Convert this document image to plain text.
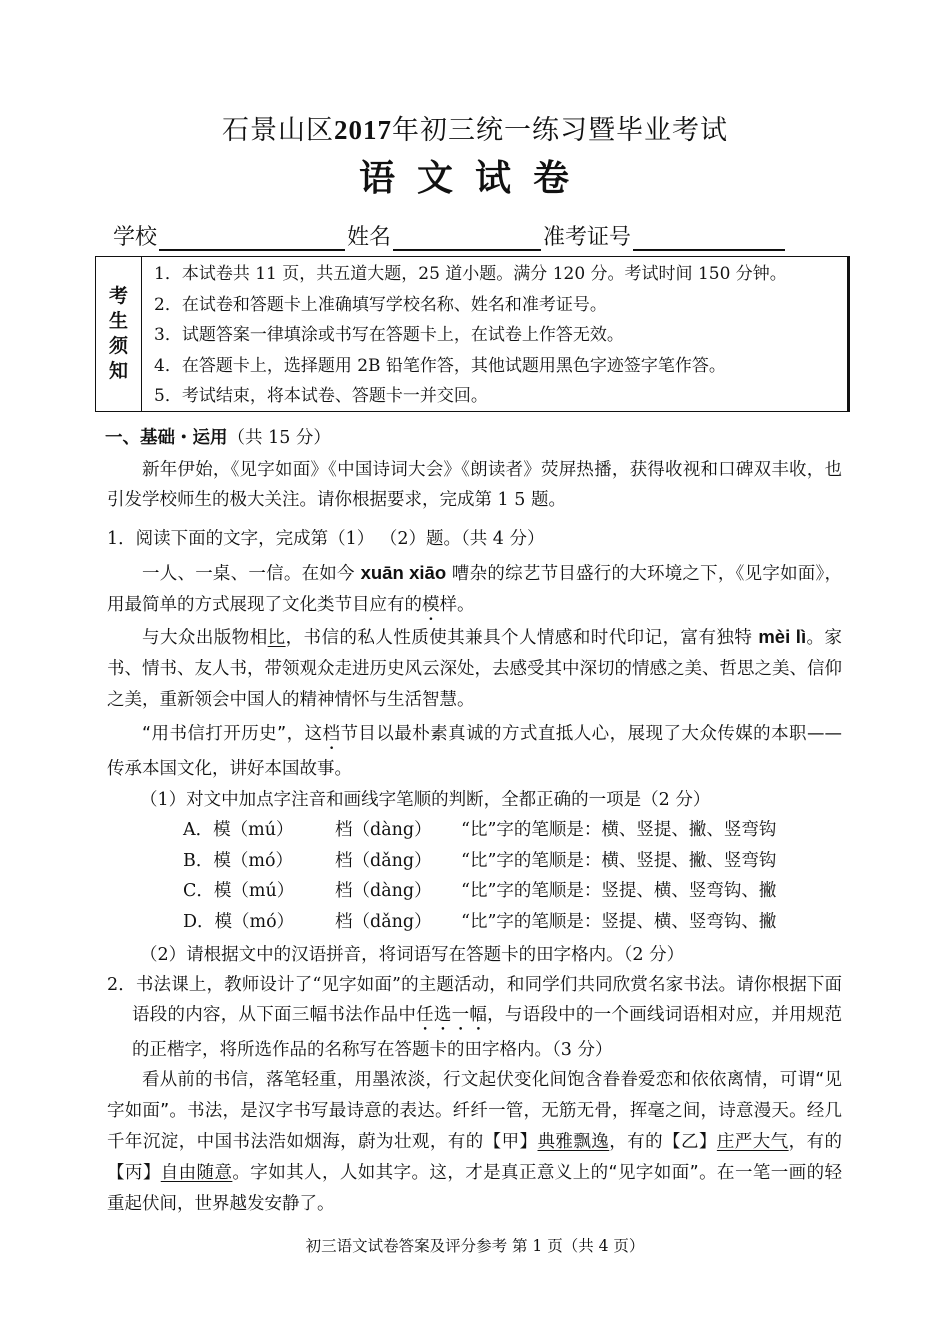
石景山区2017年初三统一练习暨毕业考试
语文试卷
学校	姓名	准考证号
考
生
须
知
1．本试卷共 11 页，共五道大题，25 道小题。满分 120 分。考试时间 150 分钟。
2．在试卷和答题卡上准确填写学校名称、姓名和准考证号。
3．试题答案一律填涂或书写在答题卡上，在试卷上作答无效。
4．在答题卡上，选择题用 2B 铅笔作答，其他试题用黑色字迹签字笔作答。
5．考试结束，将本试卷、答题卡一并交回。
一、基础・运用（共 15 分）
新年伊始，《见字如面》《中国诗词大会》《朗读者》荧屏热播，获得收视和口碑双丰收，也引发学校师生的极大关注。请你根据要求，完成第 1 5 题。
1．阅读下面的文字，完成第（1） （2）题。（共 4 分）
一人、一桌、一信。在如今 xuān xiāo 嘈杂的综艺节目盛行的大环境之下，《见字如面》，用最简单的方式展现了文化类节目应有的模样。
与大众出版物相比，书信的私人性质使其兼具个人情感和时代印记，富有独特 mèi lì。家书、情书、友人书，带领观众走进历史风云深处，去感受其中深切的情感之美、哲思之美、信仰之美，重新领会中国人的精神情怀与生活智慧。
“用书信打开历史”，这档节目以最朴素真诚的方式直抵人心，展现了大众传媒的本职——传承本国文化，讲好本国故事。
（1）对文中加点字注音和画线字笔顺的判断，全都正确的一项是（2 分）
A．模（mú）	档（dàng）	“比”字的笔顺是：横、竖提、撇、竖弯钩
B．模（mó）	档（dǎng）	“比”字的笔顺是：横、竖提、撇、竖弯钩
C．模（mú）	档（dàng）	“比”字的笔顺是：竖提、横、竖弯钩、撇
D．模（mó）	档（dǎng）	“比”字的笔顺是：竖提、横、竖弯钩、撇
（2）请根据文中的汉语拼音，将词语写在答题卡的田字格内。（2 分）
2．书法课上，教师设计了“见字如面”的主题活动，和同学们共同欣赏名家书法。请你根据下面语段的内容，从下面三幅书法作品中任选一幅，与语段中的一个画线词语相对应，并用规范的正楷字，将所选作品的名称写在答题卡的田字格内。（3 分）
看从前的书信，落笔轻重，用墨浓淡，行文起伏变化间饱含眷眷爱恋和依依离情，可谓“见字如面”。书法，是汉字书写最诗意的表达。纤纤一管，无筋无骨，挥毫之间，诗意漫天。经几千年沉淀，中国书法浩如烟海，蔚为壮观，有的【甲】典雅飘逸，有的【乙】庄严大气，有的【丙】自由随意。字如其人，人如其字。这，才是真正意义上的“见字如面”。在一笔一画的轻重起伏间，世界越发安静了。
初三语文试卷答案及评分参考 第 1 页（共 4 页）
